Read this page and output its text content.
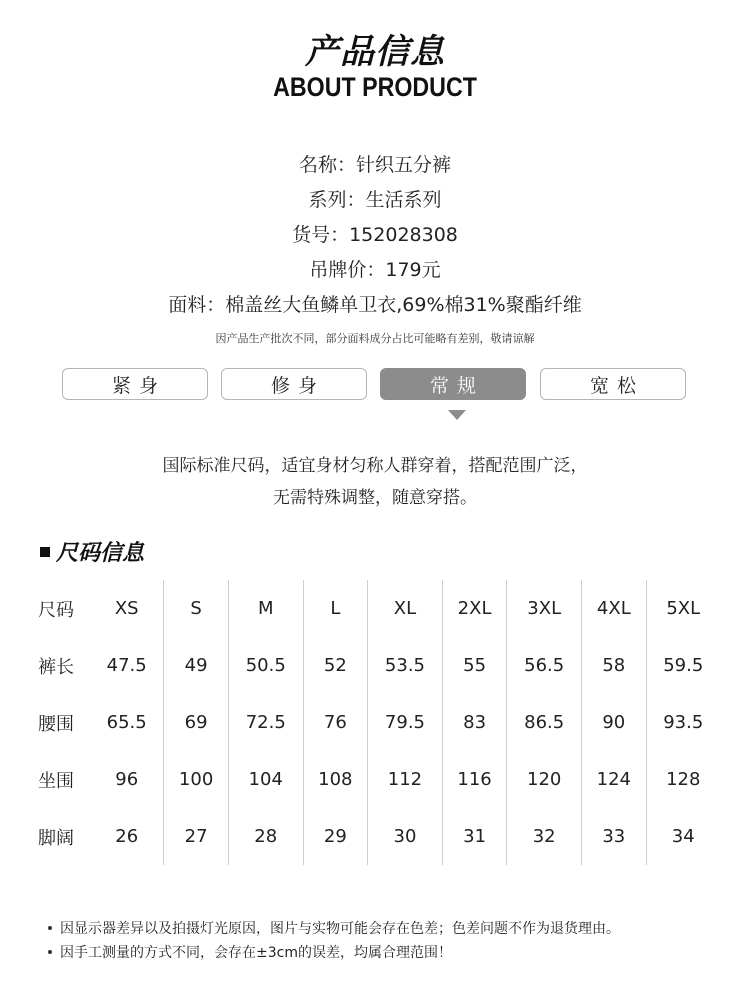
产品信息
ABOUT PRODUCT
名称：针织五分裤
系列：生活系列
货号：152028308
吊牌价：179元
面料：棉盖丝大鱼鳞单卫衣,69%棉31%聚酯纤维
因产品生产批次不同，部分面料成分占比可能略有差别，敬请谅解
紧身	修身	常规	宽松
国际标准尺码，适宜身材匀称人群穿着，搭配范围广泛，
无需特殊调整，随意穿搭。
尺码信息
尺码	XS	S	M	L	XL	2XL	3XL	4XL	5XL
裤长	47.5	49	50.5	52	53.5	55	56.5	58	59.5
腰围	65.5	69	72.5	76	79.5	83	86.5	90	93.5
坐围	96	100	104	108	112	116	120	124	128
脚阔	26	27	28	29	30	31	32	33	34
因显示器差异以及拍摄灯光原因，图片与实物可能会存在色差；色差问题不作为退货理由。
因手工测量的方式不同，会存在±3cm的误差，均属合理范围！
